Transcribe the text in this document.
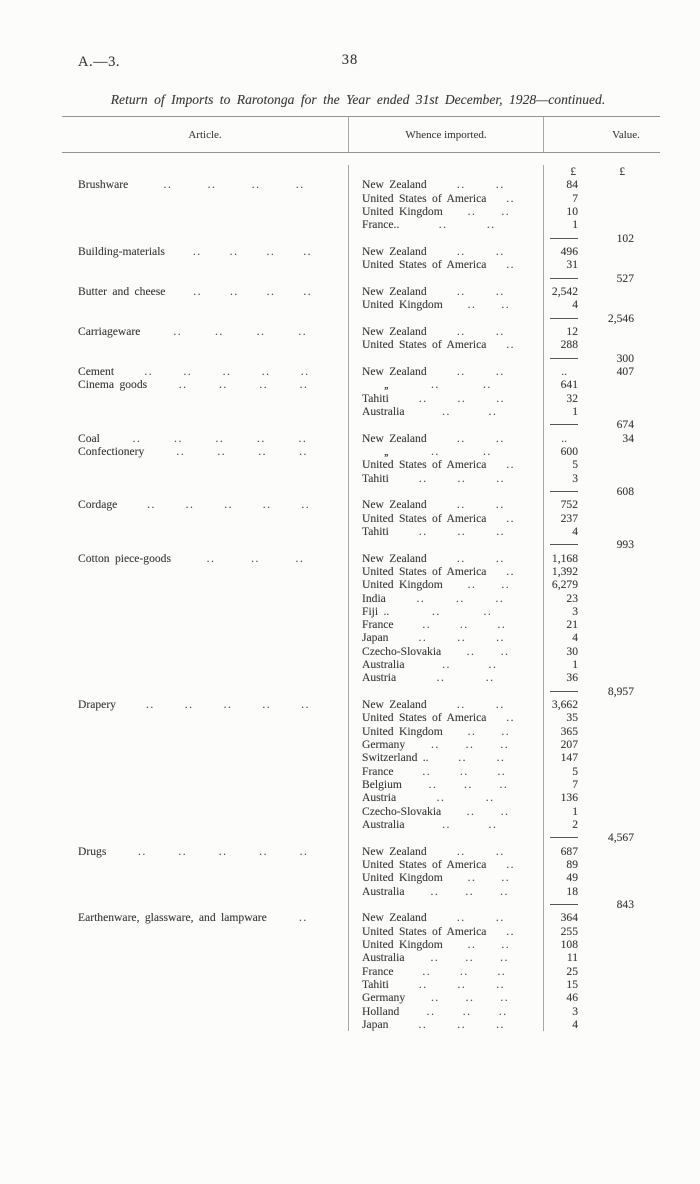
A.—3.	38
Return of Imports to Rarotonga for the Year ended 31st December, 1928—continued.
Article.	Whence imported.	Value.
£	£
Brushware	..	..	..	..	New Zealand	..	..	84
United States of America ..	7
United Kingdom .. ..	10
France..	..	..	1
102
Building-materials .. .. .. ..	New Zealand	..	..	496
United States of America ..	31
527
Butter and cheese .. .. .. ..	New Zealand	..	..	2,542
United Kingdom .. ..	4
2,546
Carriageware	..	..	..	..	New Zealand	..	..	12
United States of America ..	288
300
Cement	..	..	..	..	..	New Zealand	..	..	..	407
Cinema goods	..	..	..	..	,,	..	..	641
Tahiti	..	..	..	32
Australia	..	..	1
674
Coal	..	..	..	..	..	New Zealand	..	..	..	34
Confectionery	..	..	..	..	,,	..	..	600
United States of America ..	5
Tahiti	..	..	..	3
608
Cordage	..	..	..	..	..	New Zealand	..	..	752
United States of America ..	237
Tahiti	..	..	..	4
993
Cotton piece-goods	..	..	..	New Zealand	..	..	1,168
United States of America ..	1,392
United Kingdom .. ..	6,279
India	..	..	..	23
Fiji ..	..	..	3
France .. .. ..	21
Japan	..	..	..	4
Czecho-Slovakia .. ..	30
Australia	..	..	1
Austria	..	..	36
8,957
Drapery	..	..	..	..	..	New Zealand	..	..	3,662
United States of America ..	35
United Kingdom .. ..	365
Germany .. .. ..	207
Switzerland ..	..	..	147
France .. .. ..	5
Belgium .. .. ..	7
Austria	..	..	136
Czecho-Slovakia .. ..	1
Australia	..	..	2
4,567
Drugs	..	..	..	..	..	New Zealand	..	..	687
United States of America ..	89
United Kingdom .. ..	49
Australia .. .. ..	18
843
Earthenware, glassware, and lampware	..	New Zealand	..	..	364
United States of America ..	255
United Kingdom .. ..	108
Australia .. .. ..	11
France .. .. ..	25
Tahiti	..	..	..	15
Germany .. .. ..	46
Holland .. .. ..	3
Japan	..	..	..	4
